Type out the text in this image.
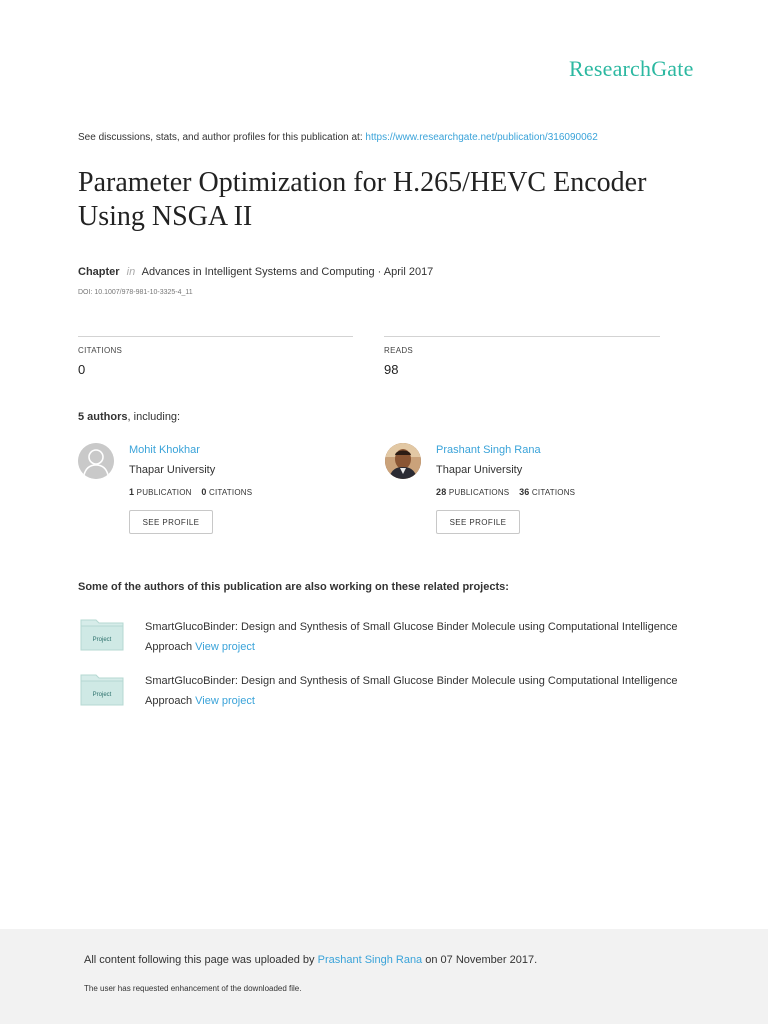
ResearchGate
See discussions, stats, and author profiles for this publication at: https://www.researchgate.net/publication/316090062
Parameter Optimization for H.265/HEVC Encoder Using NSGA II
Chapter in Advances in Intelligent Systems and Computing · April 2017
DOI: 10.1007/978-981-10-3325-4_11
CITATIONS
0
READS
98
5 authors, including:
Mohit Khokhar
Thapar University
1 PUBLICATION 0 CITATIONS
SEE PROFILE
Prashant Singh Rana
Thapar University
28 PUBLICATIONS 36 CITATIONS
SEE PROFILE
Some of the authors of this publication are also working on these related projects:
Project
SmartGlucoBinder: Design and Synthesis of Small Glucose Binder Molecule using Computational Intelligence Approach View project
Project
SmartGlucoBinder: Design and Synthesis of Small Glucose Binder Molecule using Computational Intelligence Approach View project
All content following this page was uploaded by Prashant Singh Rana on 07 November 2017.
The user has requested enhancement of the downloaded file.
